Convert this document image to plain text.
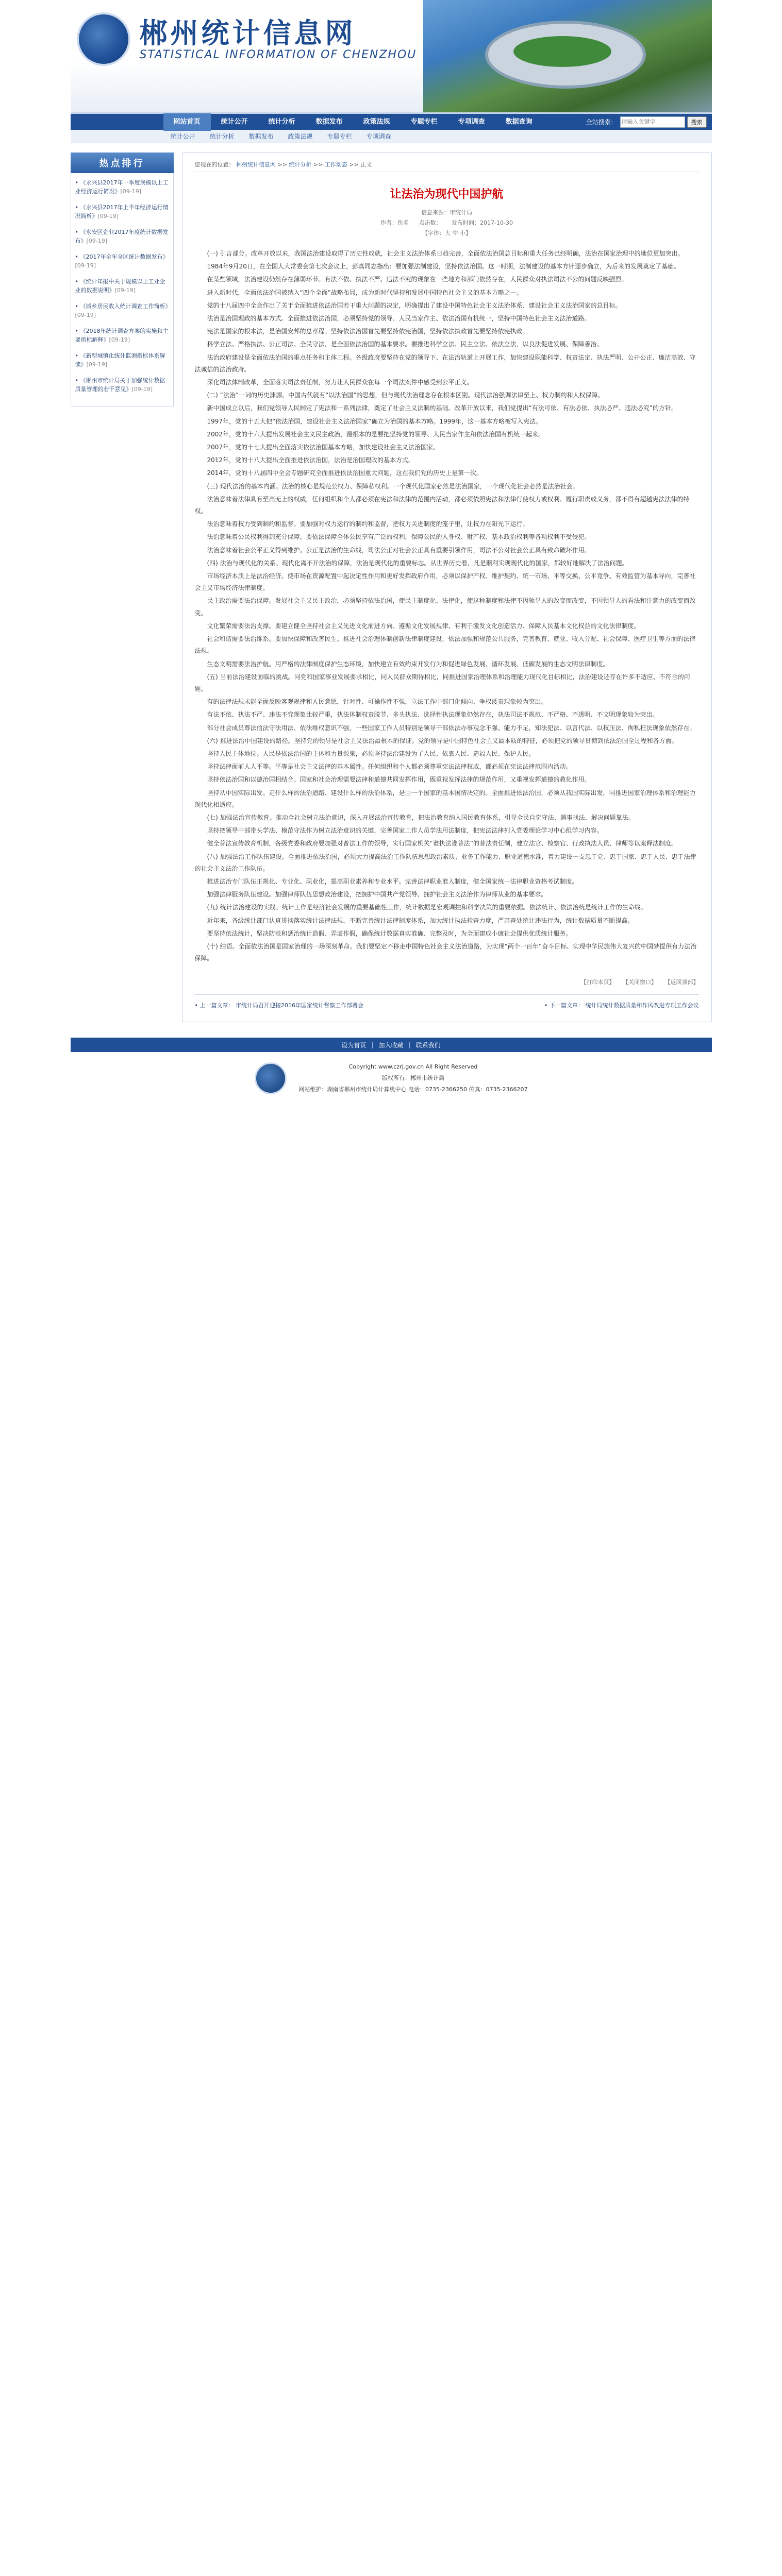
郴州统计信息网
STATISTICAL INFORMATION OF CHENZHOU
网站首页	统计公开	统计分析	数据发布	政策法规	专题专栏	专项调查	数据查询	全站搜索：
请输入关键字	搜索
统计公开	统计分析	数据发布	政策法规	专题专栏	专项调查
热点排行
• 《永兴县2017年一季度规模以上工业经济运行简况》[09-19]
• 《永兴县2017年上半年经济运行情况简析》[09-19]
• 《永安区企业2017年度统计数据发布》[09-19]
• 《2017年全年全区统计数据发布》[09-19]
• 《统计年报中关于规模以上工业企业的数据说明》[09-19]
• 《城乡居民收入统计调查工作简析》[09-19]
• 《2018年统计调查方案的实施和主要指标解释》[09-19]
• 《新型城镇化统计监测指标体系解读》[09-19]
• 《郴州市统计局关于加强统计数据质量管理的若干意见》[09-19]
您现在的位置： 郴州统计信息网 >> 统计分析 >> 工作动态 >> 正文
让法治为现代中国护航
信息来源：市统计局
作者：佚名 点击数： 发布时间：2017-10-30
【字体：大 中 小】

(一) 引言部分。改革开放以来，我国法治建设取得了历史性成就，社会主义法治体系日趋完善，全面依法治国总目标和重大任务已经明确，法治在国家治理中的地位更加突出。

1984年9月20日，在全国人大常委会第七次会议上，彭真同志指出：要加强法制建设，坚持依法治国。这一时期，法制建设的基本方针逐步确立，为后来的发展奠定了基础。

在某些领域，法治建设仍然存在薄弱环节。有法不依、执法不严、违法不究的现象在一些地方和部门依然存在，人民群众对执法司法不公的问题反映强烈。

进入新时代，全面依法治国被纳入“四个全面”战略布局，成为新时代坚持和发展中国特色社会主义的基本方略之一。

党的十八届四中全会作出了关于全面推进依法治国若干重大问题的决定，明确提出了建设中国特色社会主义法治体系、建设社会主义法治国家的总目标。

法治是治国理政的基本方式。全面推进依法治国，必须坚持党的领导、人民当家作主、依法治国有机统一，坚持中国特色社会主义法治道路。

宪法是国家的根本法，是治国安邦的总章程。坚持依法治国首先要坚持依宪治国，坚持依法执政首先要坚持依宪执政。

科学立法、严格执法、公正司法、全民守法，是全面依法治国的基本要求。要推进科学立法、民主立法、依法立法，以良法促进发展、保障善治。

法治政府建设是全面依法治国的重点任务和主体工程。各级政府要坚持在党的领导下、在法治轨道上开展工作，加快建设职能科学、权责法定、执法严明、公开公正、廉洁高效、守法诚信的法治政府。

深化司法体制改革，全面落实司法责任制，努力让人民群众在每一个司法案件中感受到公平正义。

(二) “法治”一词的历史渊源。中国古代就有“以法治国”的思想，但与现代法治理念存在根本区别。现代法治强调法律至上、权力制约和人权保障。

新中国成立以后，我们党领导人民制定了宪法和一系列法律，奠定了社会主义法制的基础。改革开放以来，我们党提出“有法可依、有法必依、执法必严、违法必究”的方针。

1997年，党的十五大把“依法治国，建设社会主义法治国家”确立为治国的基本方略。1999年，这一基本方略被写入宪法。

2002年，党的十六大提出发展社会主义民主政治，最根本的是要把坚持党的领导、人民当家作主和依法治国有机统一起来。

2007年，党的十七大提出全面落实依法治国基本方略，加快建设社会主义法治国家。

2012年，党的十八大提出全面推进依法治国，法治是治国理政的基本方式。

2014年，党的十八届四中全会专题研究全面推进依法治国重大问题，这在我们党的历史上是第一次。

(三) 现代法治的基本内涵。法治的核心是规范公权力、保障私权利。一个现代化国家必然是法治国家，一个现代化社会必然是法治社会。

法治意味着法律具有至高无上的权威，任何组织和个人都必须在宪法和法律的范围内活动，都必须依照宪法和法律行使权力或权利、履行职责或义务，都不得有超越宪法法律的特权。

法治意味着权力受到制约和监督。要加强对权力运行的制约和监督，把权力关进制度的笼子里，让权力在阳光下运行。

法治意味着公民权利得到充分保障。要依法保障全体公民享有广泛的权利，保障公民的人身权、财产权、基本政治权利等各项权利不受侵犯。

法治意味着社会公平正义得到维护。公正是法治的生命线，司法公正对社会公正具有重要引领作用，司法不公对社会公正具有致命破坏作用。

(四) 法治与现代化的关系。现代化离不开法治的保障，法治是现代化的重要标志。从世界历史看，凡是顺利实现现代化的国家，都较好地解决了法治问题。

市场经济本质上是法治经济。使市场在资源配置中起决定性作用和更好发挥政府作用，必须以保护产权、维护契约、统一市场、平等交换、公平竞争、有效监管为基本导向，完善社会主义市场经济法律制度。

民主政治需要法治保障。发展社会主义民主政治，必须坚持依法治国，使民主制度化、法律化，使这种制度和法律不因领导人的改变而改变，不因领导人的看法和注意力的改变而改变。

文化繁荣需要法治支撑。要建立健全坚持社会主义先进文化前进方向、遵循文化发展规律、有利于激发文化创造活力、保障人民基本文化权益的文化法律制度。

社会和谐需要法治维系。要加快保障和改善民生、推进社会治理体制创新法律制度建设，依法加强和规范公共服务，完善教育、就业、收入分配、社会保障、医疗卫生等方面的法律法规。

生态文明需要法治护航。用严格的法律制度保护生态环境，加快建立有效约束开发行为和促进绿色发展、循环发展、低碳发展的生态文明法律制度。

(五) 当前法治建设面临的挑战。同党和国家事业发展要求相比，同人民群众期待相比，同推进国家治理体系和治理能力现代化目标相比，法治建设还存在许多不适应、不符合的问题。

有的法律法规未能全面反映客观规律和人民意愿，针对性、可操作性不强，立法工作中部门化倾向、争权诿责现象较为突出。

有法不依、执法不严、违法不究现象比较严重，执法体制权责脱节、多头执法、选择性执法现象仍然存在，执法司法不规范、不严格、不透明、不文明现象较为突出。

部分社会成员尊法信法守法用法、依法维权意识不强，一些国家工作人员特别是领导干部依法办事观念不强、能力不足，知法犯法、以言代法、以权压法、徇私枉法现象依然存在。

(六) 推进法治中国建设的路径。坚持党的领导是社会主义法治最根本的保证。党的领导是中国特色社会主义最本质的特征，必须把党的领导贯彻到依法治国全过程和各方面。

坚持人民主体地位。人民是依法治国的主体和力量源泉，必须坚持法治建设为了人民、依靠人民、造福人民、保护人民。

坚持法律面前人人平等。平等是社会主义法律的基本属性。任何组织和个人都必须尊重宪法法律权威，都必须在宪法法律范围内活动。

坚持依法治国和以德治国相结合。国家和社会治理需要法律和道德共同发挥作用，既重视发挥法律的规范作用，又重视发挥道德的教化作用。

坚持从中国实际出发。走什么样的法治道路、建设什么样的法治体系，是由一个国家的基本国情决定的。全面推进依法治国，必须从我国实际出发，同推进国家治理体系和治理能力现代化相适应。

(七) 加强法治宣传教育。推动全社会树立法治意识，深入开展法治宣传教育，把法治教育纳入国民教育体系，引导全民自觉守法、遇事找法、解决问题靠法。

坚持把领导干部带头学法、模范守法作为树立法治意识的关键，完善国家工作人员学法用法制度，把宪法法律列入党委理论学习中心组学习内容。

健全普法宣传教育机制，各级党委和政府要加强对普法工作的领导，实行国家机关“谁执法谁普法”的普法责任制，建立法官、检察官、行政执法人员、律师等以案释法制度。

(八) 加强法治工作队伍建设。全面推进依法治国，必须大力提高法治工作队伍思想政治素质、业务工作能力、职业道德水准，着力建设一支忠于党、忠于国家、忠于人民、忠于法律的社会主义法治工作队伍。

推进法治专门队伍正规化、专业化、职业化，提高职业素养和专业水平。完善法律职业准入制度，健全国家统一法律职业资格考试制度。

加强法律服务队伍建设。加强律师队伍思想政治建设，把拥护中国共产党领导、拥护社会主义法治作为律师从业的基本要求。

(九) 统计法治建设的实践。统计工作是经济社会发展的重要基础性工作，统计数据是宏观调控和科学决策的重要依据。依法统计、依法治统是统计工作的生命线。

近年来，各级统计部门认真贯彻落实统计法律法规，不断完善统计法律制度体系，加大统计执法检查力度，严肃查处统计违法行为，统计数据质量不断提高。

要坚持依法统计，坚决防范和惩治统计造假、弄虚作假，确保统计数据真实准确、完整及时，为全面建成小康社会提供优质统计服务。

(十) 结语。全面依法治国是国家治理的一场深刻革命。我们要坚定不移走中国特色社会主义法治道路，为实现“两个一百年”奋斗目标、实现中华民族伟大复兴的中国梦提供有力法治保障。

【打印本页】 【关闭窗口】 【返回顶部】
• 上一篇文章： 市统计局召开迎接2016年国家统计督察工作部署会	• 下一篇文章： 统计局统计数据质量和作风改进专项工作会议
设为首页 | 加入收藏 | 联系我们
Copyright www.czrj.gov.cn All Right Reserved
版权所有：郴州市统计局
网站维护：湖南省郴州市统计局计算机中心 电话：0735-2366250 传真：0735-2366207
